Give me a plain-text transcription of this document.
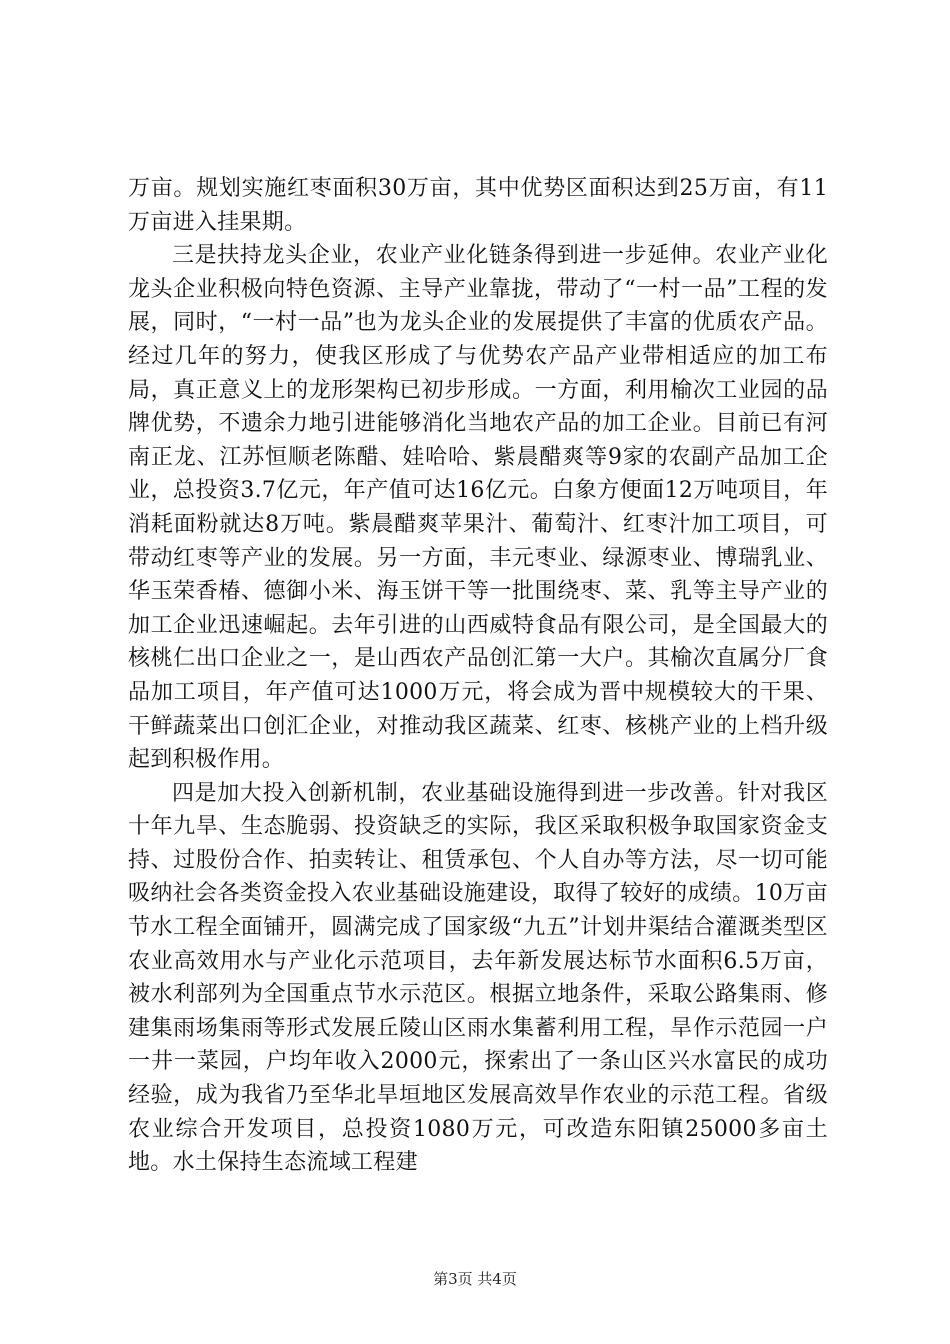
万亩。规划实施红枣面积30万亩，其中优势区面积达到25万亩，有11万亩进入挂果期。

三是扶持龙头企业，农业产业化链条得到进一步延伸。农业产业化龙头企业积极向特色资源、主导产业靠拢，带动了“一村一品”工程的发展，同时，“一村一品”也为龙头企业的发展提供了丰富的优质农产品。经过几年的努力，使我区形成了与优势农产品产业带相适应的加工布局，真正意义上的龙形架构已初步形成。一方面，利用榆次工业园的品牌优势，不遗余力地引进能够消化当地农产品的加工企业。目前已有河南正龙、江苏恒顺老陈醋、娃哈哈、紫晨醋爽等9家的农副产品加工企业，总投资3.7亿元，年产值可达16亿元。白象方便面12万吨项目，年消耗面粉就达8万吨。紫晨醋爽苹果汁、葡萄汁、红枣汁加工项目，可带动红枣等产业的发展。另一方面，丰元枣业、绿源枣业、博瑞乳业、华玉荣香椿、德御小米、海玉饼干等一批围绕枣、菜、乳等主导产业的加工企业迅速崛起。去年引进的山西威特食品有限公司，是全国最大的核桃仁出口企业之一，是山西农产品创汇第一大户。其榆次直属分厂食品加工项目，年产值可达1000万元，将会成为晋中规模较大的干果、干鲜蔬菜出口创汇企业，对推动我区蔬菜、红枣、核桃产业的上档升级起到积极作用。

四是加大投入创新机制，农业基础设施得到进一步改善。针对我区十年九旱、生态脆弱、投资缺乏的实际，我区采取积极争取国家资金支持、过股份合作、拍卖转让、租赁承包、个人自办等方法，尽一切可能吸纳社会各类资金投入农业基础设施建设，取得了较好的成绩。10万亩节水工程全面铺开，圆满完成了国家级“九五”计划井渠结合灌溉类型区农业高效用水与产业化示范项目，去年新发展达标节水面积6.5万亩，被水利部列为全国重点节水示范区。根据立地条件，采取公路集雨、修建集雨场集雨等形式发展丘陵山区雨水集蓄利用工程，旱作示范园一户一井一菜园，户均年收入2000元，探索出了一条山区兴水富民的成功经验，成为我省乃至华北旱垣地区发展高效旱作农业的示范工程。省级农业综合开发项目，总投资1080万元，可改造东阳镇25000多亩土地。水土保持生态流域工程建

第3页 共4页
